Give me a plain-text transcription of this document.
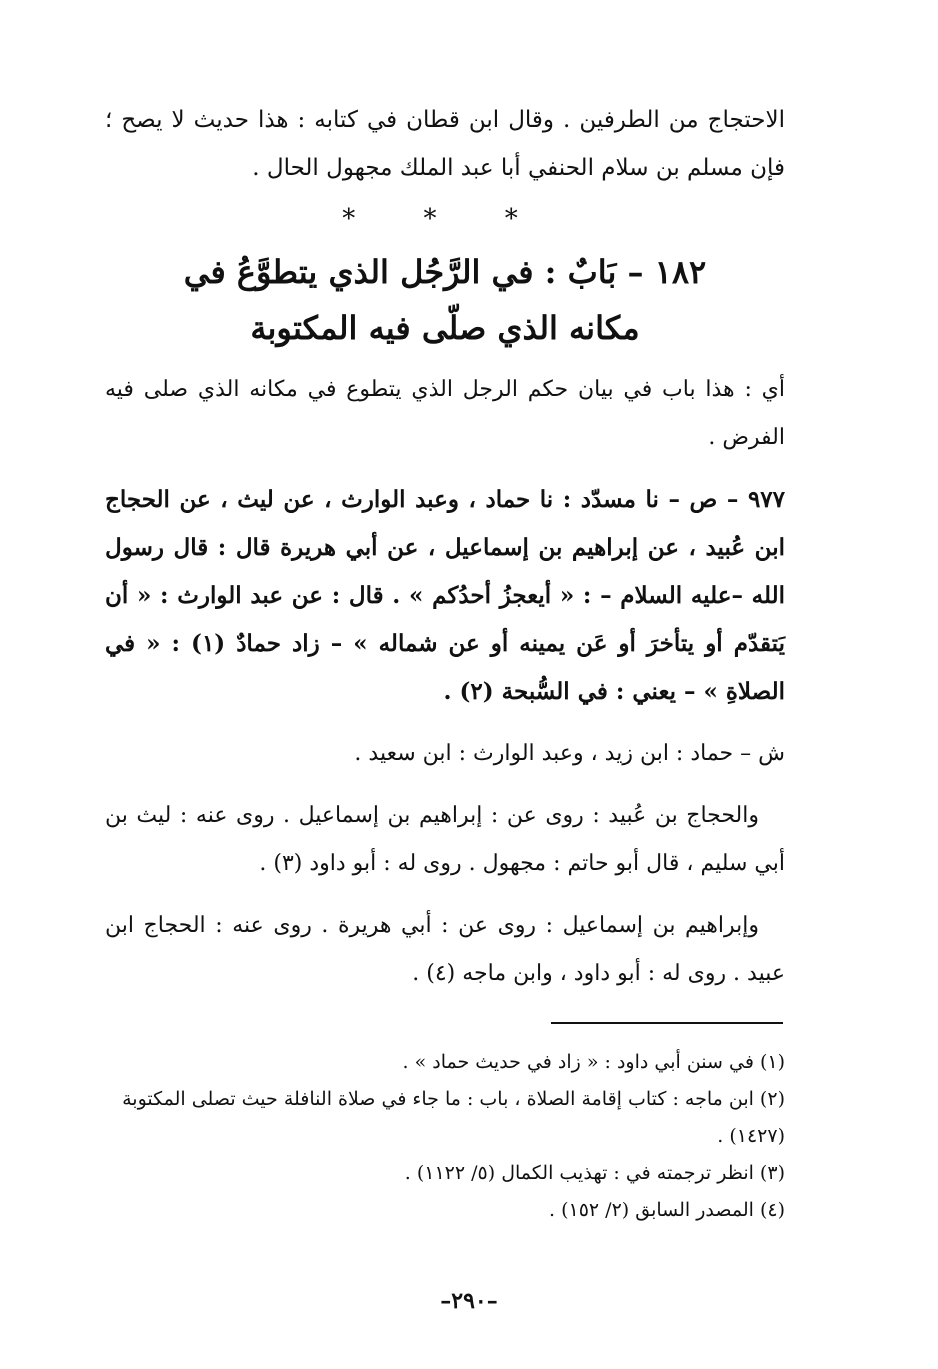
الاحتجاج من الطرفين . وقال ابن قطان في كتابه : هذا حديث لا يصح ؛ فإن مسلم بن سلام الحنفي أبا عبد الملك مجهول الحال .

* * *
١٨٢ – بَابٌ : في الرَّجُل الذي يتطوَّعُ في
مكانه الذي صلّى فيه المكتوبة

أي : هذا باب في بيان حكم الرجل الذي يتطوع في مكانه الذي صلى فيه الفرض .

٩٧٧ – ص – نا مسدّد : نا حماد ، وعبد الوارث ، عن ليث ، عن الحجاج ابن عُبيد ، عن إبراهيم بن إسماعيل ، عن أبي هريرة قال : قال رسول الله –عليه السلام – : « أيعجزُ أحدُكم » . قال : عن عبد الوارث : « أن يَتقدّم أو يتأخرَ أو عَن يمينه أو عن شماله » – زاد حمادٌ (١) : « في الصلاةِ » – يعني : في السُّبحة (٢) .

ش – حماد : ابن زيد ، وعبد الوارث : ابن سعيد .

والحجاج بن عُبيد : روى عن : إبراهيم بن إسماعيل . روى عنه : ليث بن أبي سليم ، قال أبو حاتم : مجهول . روى له : أبو داود (٣) .

وإبراهيم بن إسماعيل : روى عن : أبي هريرة . روى عنه : الحجاج ابن عبيد . روى له : أبو داود ، وابن ماجه (٤) .

(١) في سنن أبي داود : « زاد في حديث حماد » .
(٢) ابن ماجه : كتاب إقامة الصلاة ، باب : ما جاء في صلاة النافلة حيث تصلى المكتوبة (١٤٢٧) .
(٣) انظر ترجمته في : تهذيب الكمال (٥/ ١١٢٢) .
(٤) المصدر السابق (٢/ ١٥٢) .
–٢٩٠–
